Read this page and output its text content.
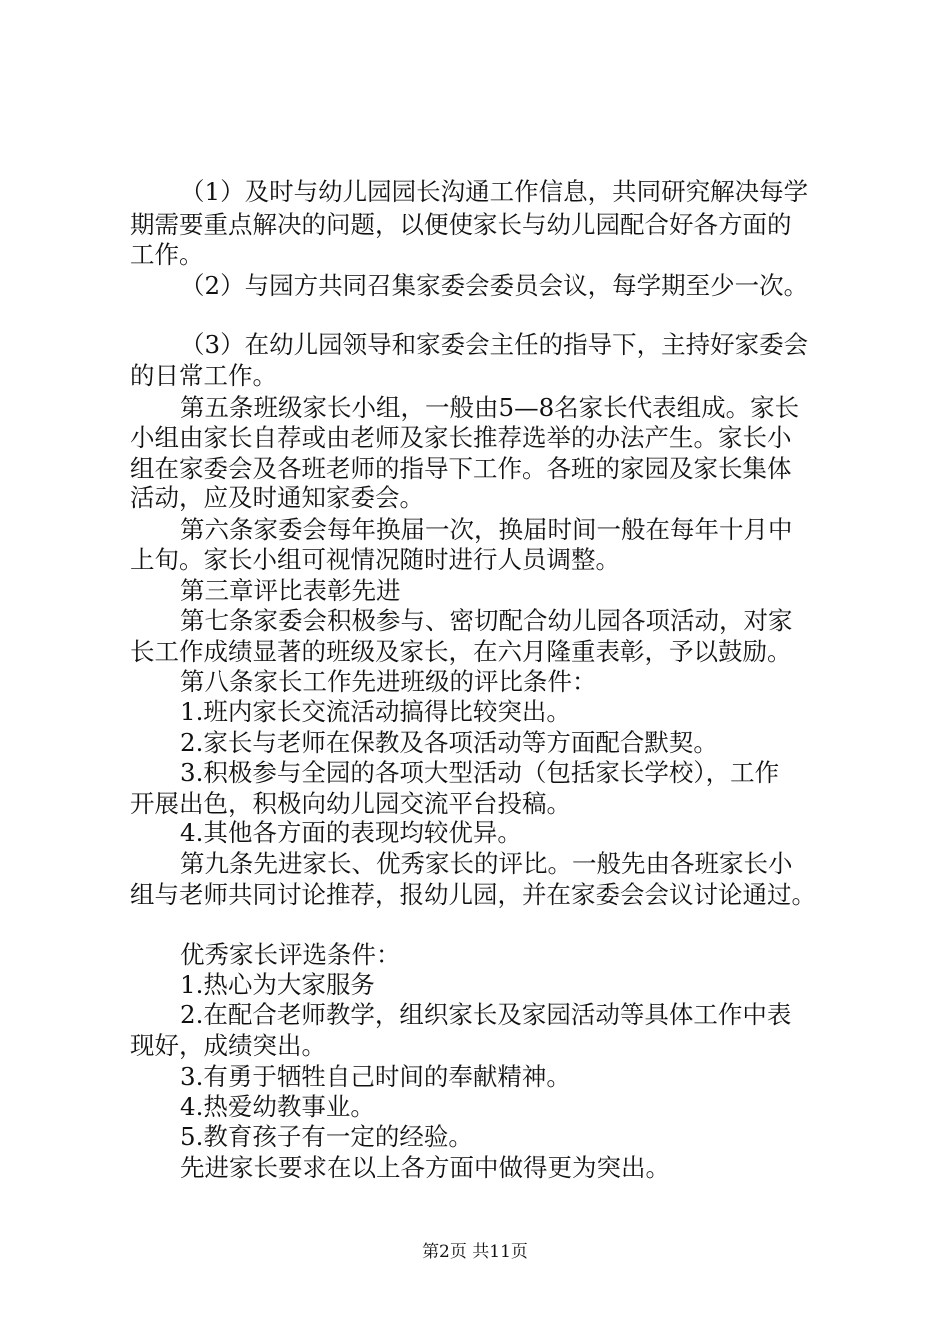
（1）及时与幼儿园园长沟通工作信息，共同研究解决每学
期需要重点解决的问题，以便使家长与幼儿园配合好各方面的
工作。
（2）与园方共同召集家委会委员会议，每学期至少一次。
（3）在幼儿园领导和家委会主任的指导下，主持好家委会
的日常工作。
第五条班级家长小组，一般由5—8名家长代表组成。家长
小组由家长自荐或由老师及家长推荐选举的办法产生。家长小
组在家委会及各班老师的指导下工作。各班的家园及家长集体
活动，应及时通知家委会。
第六条家委会每年换届一次，换届时间一般在每年十月中
上旬。家长小组可视情况随时进行人员调整。
第三章评比表彰先进
第七条家委会积极参与、密切配合幼儿园各项活动，对家
长工作成绩显著的班级及家长，在六月隆重表彰，予以鼓励。
第八条家长工作先进班级的评比条件：
1.班内家长交流活动搞得比较突出。
2.家长与老师在保教及各项活动等方面配合默契。
3.积极参与全园的各项大型活动（包括家长学校），工作
开展出色，积极向幼儿园交流平台投稿。
4.其他各方面的表现均较优异。
第九条先进家长、优秀家长的评比。一般先由各班家长小
组与老师共同讨论推荐，报幼儿园，并在家委会会议讨论通过。
优秀家长评选条件：
1.热心为大家服务
2.在配合老师教学，组织家长及家园活动等具体工作中表
现好，成绩突出。
3.有勇于牺牲自己时间的奉献精神。
4.热爱幼教事业。
5.教育孩子有一定的经验。
先进家长要求在以上各方面中做得更为突出。
第2页 共11页
